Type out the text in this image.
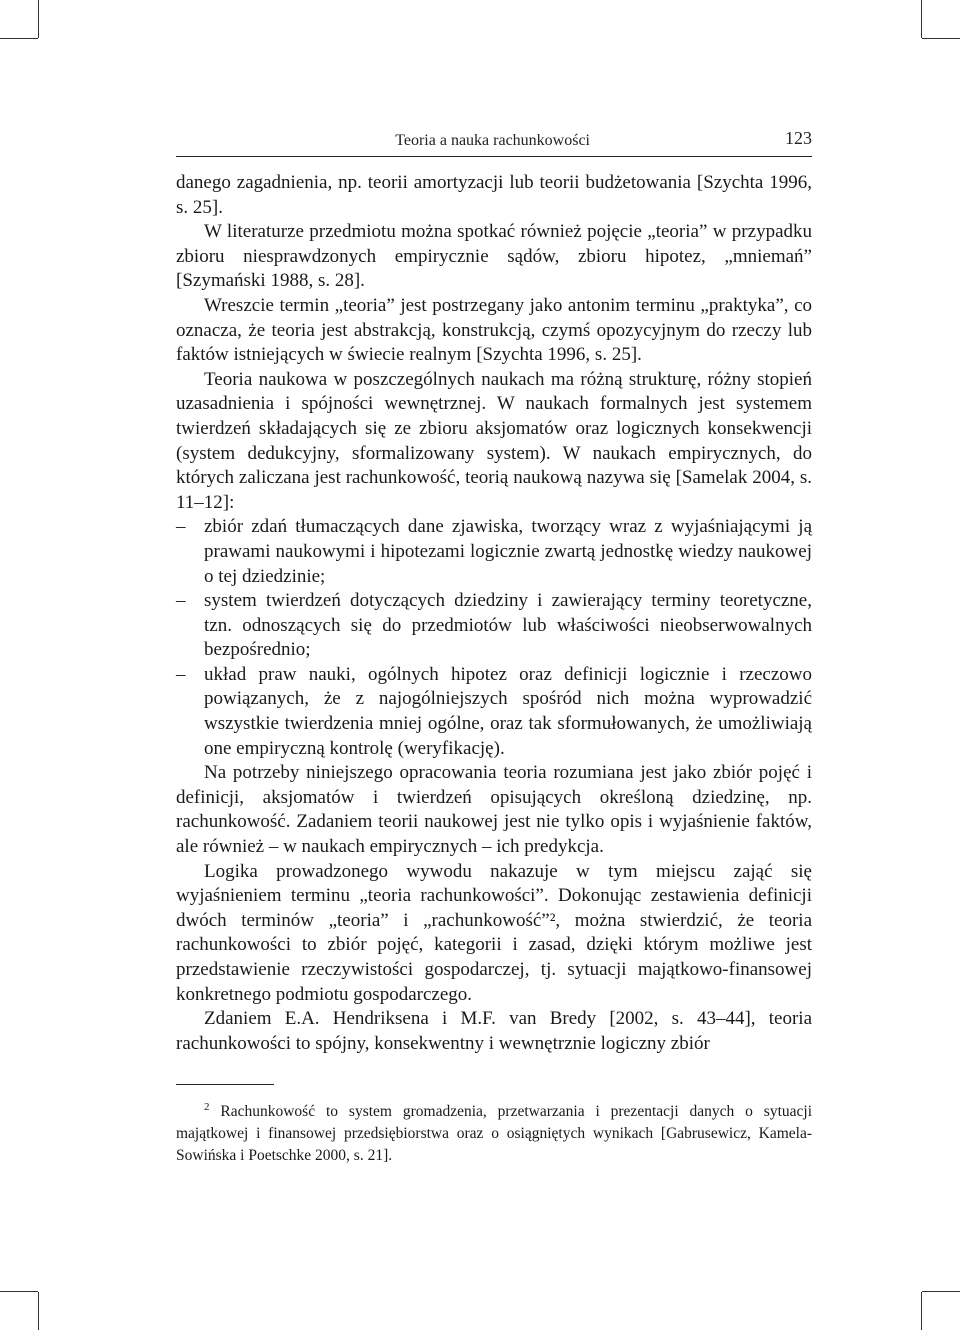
Teoria a nauka rachunkowości	123

danego zagadnienia, np. teorii amortyzacji lub teorii budżetowania [Szychta 1996, s. 25].

W literaturze przedmiotu można spotkać również pojęcie „teoria” w przypadku zbioru niesprawdzonych empirycznie sądów, zbioru hipotez, „mniemań” [Szymański 1988, s. 28].

Wreszcie termin „teoria” jest postrzegany jako antonim terminu „praktyka”, co oznacza, że teoria jest abstrakcją, konstrukcją, czymś opozycyjnym do rzeczy lub faktów istniejących w świecie realnym [Szychta 1996, s. 25].

Teoria naukowa w poszczególnych naukach ma różną strukturę, różny stopień uzasadnienia i spójności wewnętrznej. W naukach formalnych jest systemem twierdzeń składających się ze zbioru aksjomatów oraz logicznych konsekwencji (system dedukcyjny, sformalizowany system). W naukach empirycznych, do których zaliczana jest rachunkowość, teorią naukową nazywa się [Samelak 2004, s. 11–12]:

– zbiór zdań tłumaczących dane zjawiska, tworzący wraz z wyjaśniającymi ją prawami naukowymi i hipotezami logicznie zwartą jednostkę wiedzy naukowej o tej dziedzinie;
– system twierdzeń dotyczących dziedziny i zawierający terminy teoretyczne, tzn. odnoszących się do przedmiotów lub właściwości nieobserwowalnych bezpośrednio;
– układ praw nauki, ogólnych hipotez oraz definicji logicznie i rzeczowo powiązanych, że z najogólniejszych spośród nich można wyprowadzić wszystkie twierdzenia mniej ogólne, oraz tak sformułowanych, że umożliwiają one empiryczną kontrolę (weryfikację).

Na potrzeby niniejszego opracowania teoria rozumiana jest jako zbiór pojęć i definicji, aksjomatów i twierdzeń opisujących określoną dziedzinę, np. rachunkowość. Zadaniem teorii naukowej jest nie tylko opis i wyjaśnienie faktów, ale również – w naukach empirycznych – ich predykcja.

Logika prowadzonego wywodu nakazuje w tym miejscu zająć się wyjaśnieniem terminu „teoria rachunkowości”. Dokonując zestawienia definicji dwóch terminów „teoria” i „rachunkowość”², można stwierdzić, że teoria rachunkowości to zbiór pojęć, kategorii i zasad, dzięki którym możliwe jest przedstawienie rzeczywistości gospodarczej, tj. sytuacji majątkowo-finansowej konkretnego podmiotu gospodarczego.

Zdaniem E.A. Hendriksena i M.F. van Bredy [2002, s. 43–44], teoria rachunkowości to spójny, konsekwentny i wewnętrznie logiczny zbiór

$^2$ Rachunkowość to system gromadzenia, przetwarzania i prezentacji danych o sytuacji majątkowej i finansowej przedsiębiorstwa oraz o osiągniętych wynikach [Gabrusewicz, Kamela-Sowińska i Poetschke 2000, s. 21].
